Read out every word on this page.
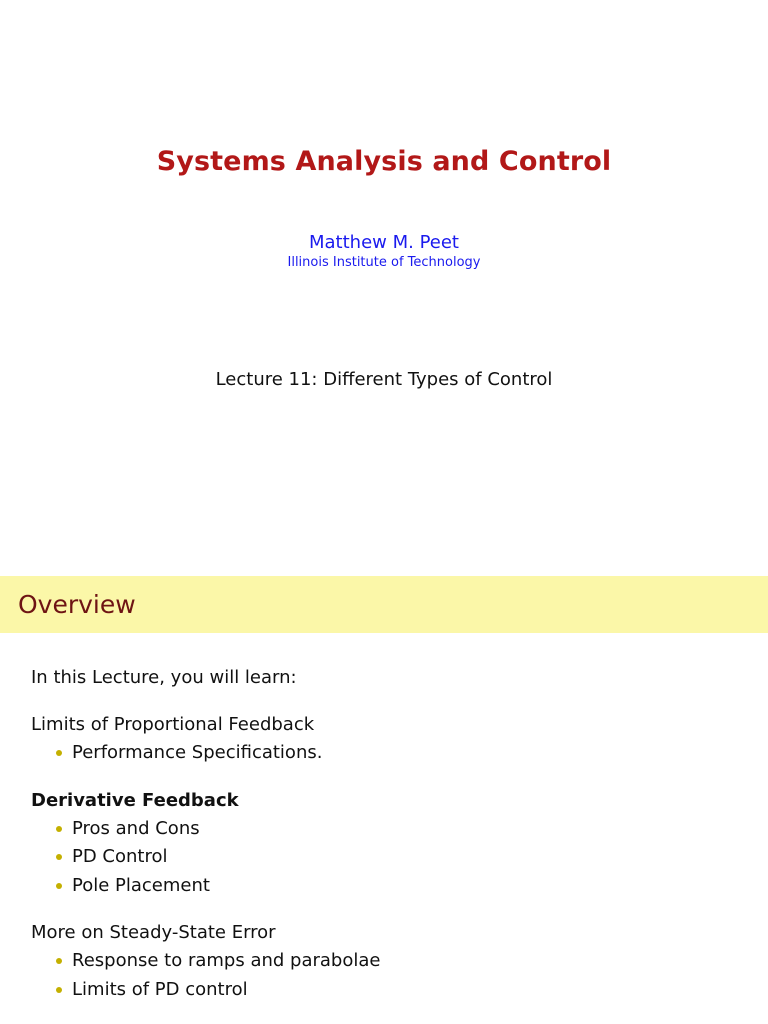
Systems Analysis and Control
Matthew M. Peet
Illinois Institute of Technology
Lecture 11: Different Types of Control
Overview
In this Lecture, you will learn:
Limits of Proportional Feedback
Performance Specifications.
Derivative Feedback
Pros and Cons
PD Control
Pole Placement
More on Steady-State Error
Response to ramps and parabolae
Limits of PD control
